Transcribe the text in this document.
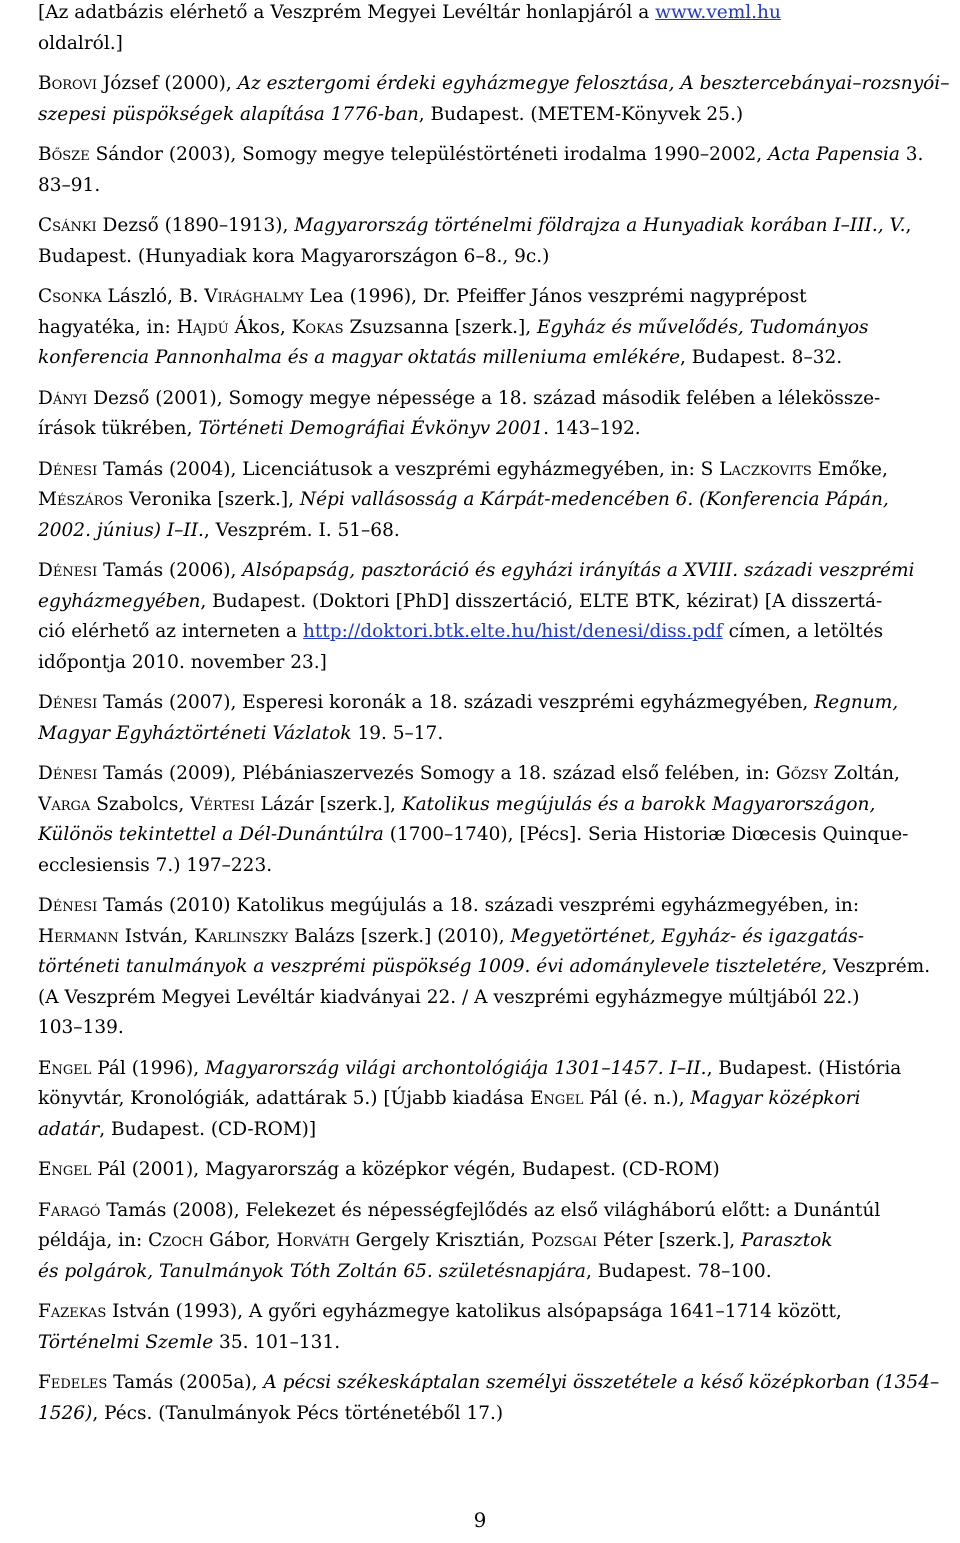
[Az adatbázis elérhető a Veszprém Megyei Levéltár honlapjáról a www.veml.hu
oldalról.]
Borovi József (2000), Az esztergomi érdeki egyházmegye felosztása, A besztercebányai–rozsnyói–
szepesi püspökségek alapítása 1776-ban, Budapest. (METEM-Könyvek 25.)
Bősze Sándor (2003), Somogy megye településtörténeti irodalma 1990–2002, Acta Papensia 3.
83–91.
Csánki Dezső (1890–1913), Magyarország történelmi földrajza a Hunyadiak korában I–III., V.,
Budapest. (Hunyadiak kora Magyarországon 6–8., 9c.)
Csonka László, B. Virághalmy Lea (1996), Dr. Pfeiffer János veszprémi nagyprépost
hagyatéka, in: Hajdú Ákos, Kokas Zsuzsanna [szerk.], Egyház és művelődés, Tudományos
konferencia Pannonhalma és a magyar oktatás milleniuma emlékére, Budapest. 8–32.
Dányi Dezső (2001), Somogy megye népessége a 18. század második felében a lélekössze-
írások tükrében, Történeti Demográfiai Évkönyv 2001. 143–192.
Dénesi Tamás (2004), Licenciátusok a veszprémi egyházmegyében, in: S Laczkovits Emőke,
Mészáros Veronika [szerk.], Népi vallásosság a Kárpát-medencében 6. (Konferencia Pápán,
2002. június) I–II., Veszprém. I. 51–68.
Dénesi Tamás (2006), Alsópapság, pasztoráció és egyházi irányítás a XVIII. századi veszprémi
egyházmegyében, Budapest. (Doktori [PhD] disszertáció, ELTE BTK, kézirat) [A disszertá-
ció elérhető az interneten a http://doktori.btk.elte.hu/hist/denesi/diss.pdf címen, a letöltés
időpontja 2010. november 23.]
Dénesi Tamás (2007), Esperesi koronák a 18. századi veszprémi egyházmegyében, Regnum,
Magyar Egyháztörténeti Vázlatok 19. 5–17.
Dénesi Tamás (2009), Plébániaszervezés Somogy a 18. század első felében, in: Gőzsy Zoltán,
Varga Szabolcs, Vértesi Lázár [szerk.], Katolikus megújulás és a barokk Magyarországon,
Különös tekintettel a Dél-Dunántúlra (1700–1740), [Pécs]. Seria Historiæ Diœcesis Quinque-
ecclesiensis 7.) 197–223.
Dénesi Tamás (2010) Katolikus megújulás a 18. századi veszprémi egyházmegyében, in:
Hermann István, Karlinszky Balázs [szerk.] (2010), Megyetörténet, Egyház- és igazgatás-
történeti tanulmányok a veszprémi püspökség 1009. évi adománylevele tiszteletére, Veszprém.
(A Veszprém Megyei Levéltár kiadványai 22. / A veszprémi egyházmegye múltjából 22.)
103–139.
Engel Pál (1996), Magyarország világi archontológiája 1301–1457. I–II., Budapest. (História
könyvtár, Kronológiák, adattárak 5.) [Újabb kiadása Engel Pál (é. n.), Magyar középkori
adatár, Budapest. (CD-ROM)]
Engel Pál (2001), Magyarország a középkor végén, Budapest. (CD-ROM)
Faragó Tamás (2008), Felekezet és népességfejlődés az első világháború előtt: a Dunántúl
példája, in: Czoch Gábor, Horváth Gergely Krisztián, Pozsgai Péter [szerk.], Parasztok
és polgárok, Tanulmányok Tóth Zoltán 65. születésnapjára, Budapest. 78–100.
Fazekas István (1993), A győri egyházmegye katolikus alsópapsága 1641–1714 között,
Történelmi Szemle 35. 101–131.
Fedeles Tamás (2005a), A pécsi székeskáptalan személyi összetétele a késő középkorban (1354–
1526), Pécs. (Tanulmányok Pécs történetéből 17.)
9
